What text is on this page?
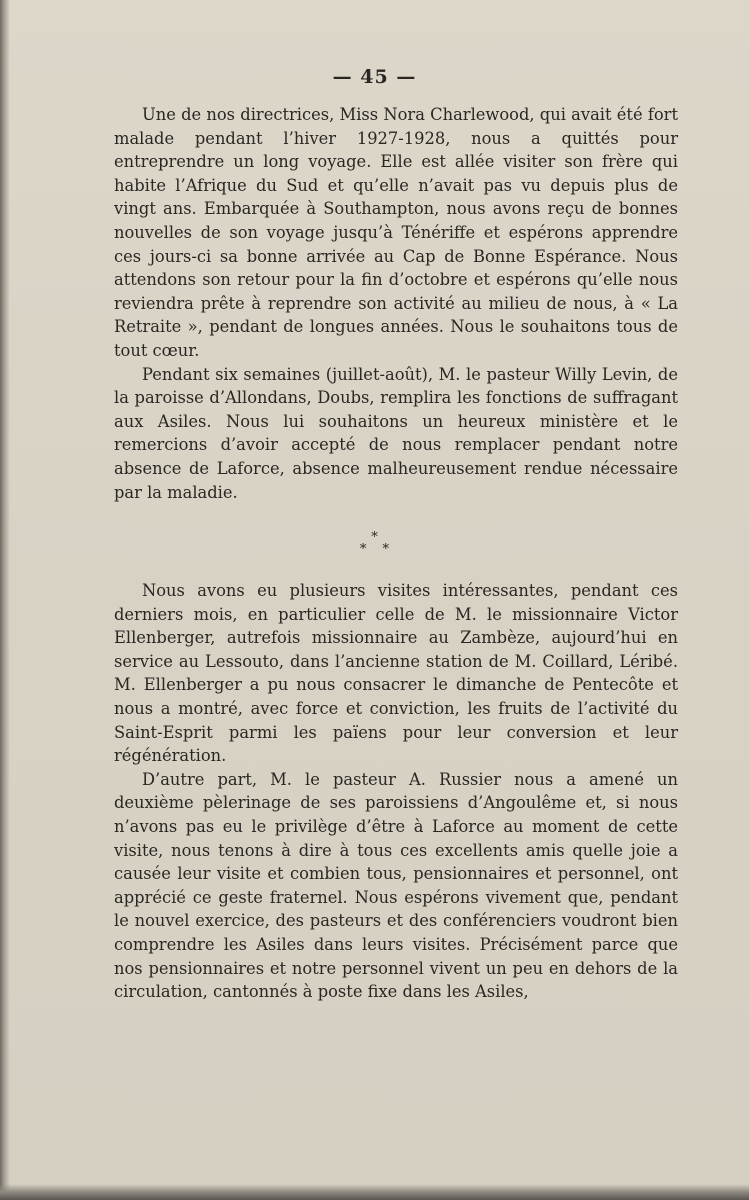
— 45 —

Une de nos directrices, Miss Nora Charlewood, qui avait été fort malade pendant l’hiver 1927-1928, nous a quittés pour entreprendre un long voyage. Elle est allée visiter son frère qui habite l’Afrique du Sud et qu’elle n’avait pas vu depuis plus de vingt ans. Embarquée à Southampton, nous avons reçu de bonnes nouvelles de son voyage jusqu’à Ténériffe et espérons apprendre ces jours-ci sa bonne arrivée au Cap de Bonne Espérance. Nous attendons son retour pour la fin d’octobre et espérons qu’elle nous reviendra prête à reprendre son activité au milieu de nous, à « La Retraite », pendant de longues années. Nous le souhaitons tous de tout cœur.

Pendant six semaines (juillet-août), M. le pasteur Willy Levin, de la paroisse d’Allondans, Doubs, remplira les fonctions de suffragant aux Asiles. Nous lui souhaitons un heureux ministère et le remercions d’avoir accepté de nous remplacer pendant notre absence de Laforce, absence malheureusement rendue nécessaire par la maladie.

*
* *

Nous avons eu plusieurs visites intéressantes, pendant ces derniers mois, en particulier celle de M. le missionnaire Victor Ellenberger, autrefois missionnaire au Zambèze, aujourd’hui en service au Lessouto, dans l’ancienne station de M. Coillard, Léribé. M. Ellenberger a pu nous consacrer le dimanche de Pentecôte et nous a montré, avec force et conviction, les fruits de l’activité du Saint-Esprit parmi les païens pour leur conversion et leur régénération.

D’autre part, M. le pasteur A. Russier nous a amené un deuxième pèlerinage de ses paroissiens d’Angoulême et, si nous n’avons pas eu le privilège d’être à Laforce au moment de cette visite, nous tenons à dire à tous ces excellents amis quelle joie a causée leur visite et combien tous, pensionnaires et personnel, ont apprécié ce geste fraternel. Nous espérons vivement que, pendant le nouvel exercice, des pasteurs et des conférenciers voudront bien comprendre les Asiles dans leurs visites. Précisément parce que nos pensionnaires et notre personnel vivent un peu en dehors de la circulation, cantonnés à poste fixe dans les Asiles,
